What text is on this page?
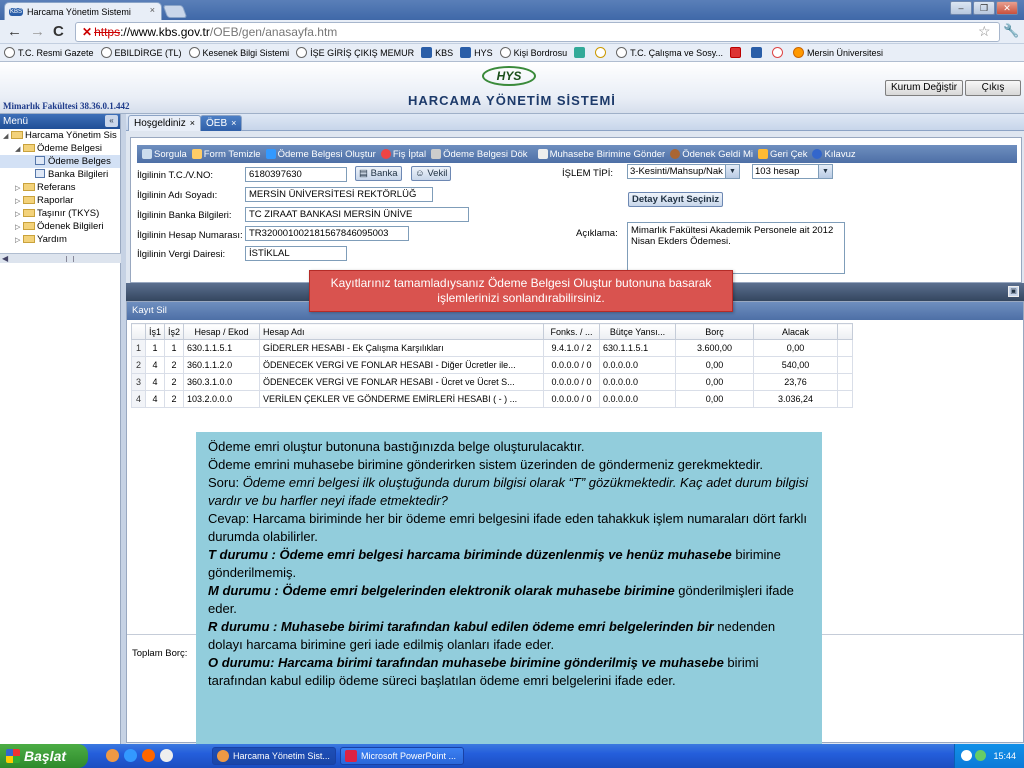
KBS Harcama Yönetim Sistemi ×	–	❐	✕
← → C	✕ https://www.kbs.gov.tr/OEB/gen/anasayfa.htm	☆ 🔧
T.C. Resmi Gazete EBILDİRGE (TL) Kesenek Bilgi Sistemi İŞE GİRİŞ ÇIKIŞ MEMUR KBS HYS Kişi Bordrosu	T.C. Çalışma ve Sosy...	Mersin Üniversitesi
HYS
HARCAMA YÖNETİM SİSTEMİ
Mimarlık Fakültesi 38.36.0.1.442
Kurum Değiştir	Çıkış
Menü	«
◢ Harcama Yönetim Sis
◢ Ödeme Belgesi
Ödeme Belges
Banka Bilgileri
▷ Referans
▷ Raporlar
▷ Taşınır (TKYS)
▷ Ödenek Bilgileri
▷ Yardım
◀
Hoşgeldiniz ×	ÖEB ×
Sorgula Form Temizle Ödeme Belgesi Oluştur Fiş İptal Ödeme Belgesi Dök Muhasebe Birimine Gönder Ödenek Geldi Mi Geri Çek Kılavuz
İlgilinin T.C./V.NO:	6180397630	▤ Banka	☺ Vekil
İlgilinin Adı Soyadı:	MERSİN ÜNİVERSİTESİ REKTÖRLÜĞ
İlgilinin Banka Bilgileri:	TC ZIRAAT BANKASI MERSİN ÜNİVE
İlgilinin Hesap Numarası: TR320001002181567846095003
İlgilinin Vergi Dairesi:	İSTİKLAL
İŞLEM TİPİ:	3-Kesinti/Mahsup/Nak ▼	103 hesap	▼
Detay Kayıt Seçiniz
Açıklama:	Mimarlık Fakültesi Akademik Personele ait 2012 Nisan Ekders Ödemesi.
▣
Kayıt Sil
	İş1	İş2	Hesap / Ekod	Hesap Adı	Fonks. / ...	Bütçe Yansı...	Borç	Alacak	
1	1	1	630.1.1.5.1	GİDERLER HESABI - Ek Çalışma Karşılıkları	9.4.1.0 / 2	630.1.1.5.1	3.600,00	0,00	
2	4	2	360.1.1.2.0	ÖDENECEK VERGİ VE FONLAR HESABI - Diğer Ücretler ile...	0.0.0.0 / 0	0.0.0.0.0	0,00	540,00	
3	4	2	360.3.1.0.0	ÖDENECEK VERGİ VE FONLAR HESABI - Ücret ve Ücret S...	0.0.0.0 / 0	0.0.0.0.0	0,00	23,76	
4	4	2	103.2.0.0.0	VERİLEN ÇEKLER VE GÖNDERME EMİRLERİ HESABI ( - ) ...	0.0.0.0 / 0	0.0.0.0.0	0,00	3.036,24	
Toplam Borç:
Kayıtlarınız tamamladıysanız Ödeme Belgesi Oluştur butonuna basarak işlemlerinizi sonlandırabilirsiniz.
Ödeme emri oluştur butonuna bastığınızda belge oluşturulacaktır.
Ödeme emrini muhasebe birimine gönderirken sistem üzerinden de göndermeniz gerekmektedir.
Soru: Ödeme emri belgesi ilk oluştuğunda durum bilgisi olarak “T” gözükmektedir. Kaç adet durum bilgisi vardır ve bu harfler neyi ifade etmektedir?
Cevap: Harcama biriminde her bir ödeme emri belgesini ifade eden tahakkuk işlem numaraları dört farklı durumda olabilirler.
T durumu : Ödeme emri belgesi harcama biriminde düzenlenmiş ve henüz muhasebe birimine gönderilmemiş.
M durumu : Ödeme emri belgelerinden elektronik olarak muhasebe birimine gönderilmişleri ifade eder.
R durumu : Muhasebe birimi tarafından kabul edilen ödeme emri belgelerinden bir nedenden dolayı harcama birimine geri iade edilmiş olanları ifade eder.
O durumu: Harcama birimi tarafından muhasebe birimine gönderilmiş ve muhasebe birimi tarafından kabul edilip ödeme süreci başlatılan ödeme emri belgelerini ifade eder.
Başlat	Harcama Yönetim Sist...	Microsoft PowerPoint ...	15:44
